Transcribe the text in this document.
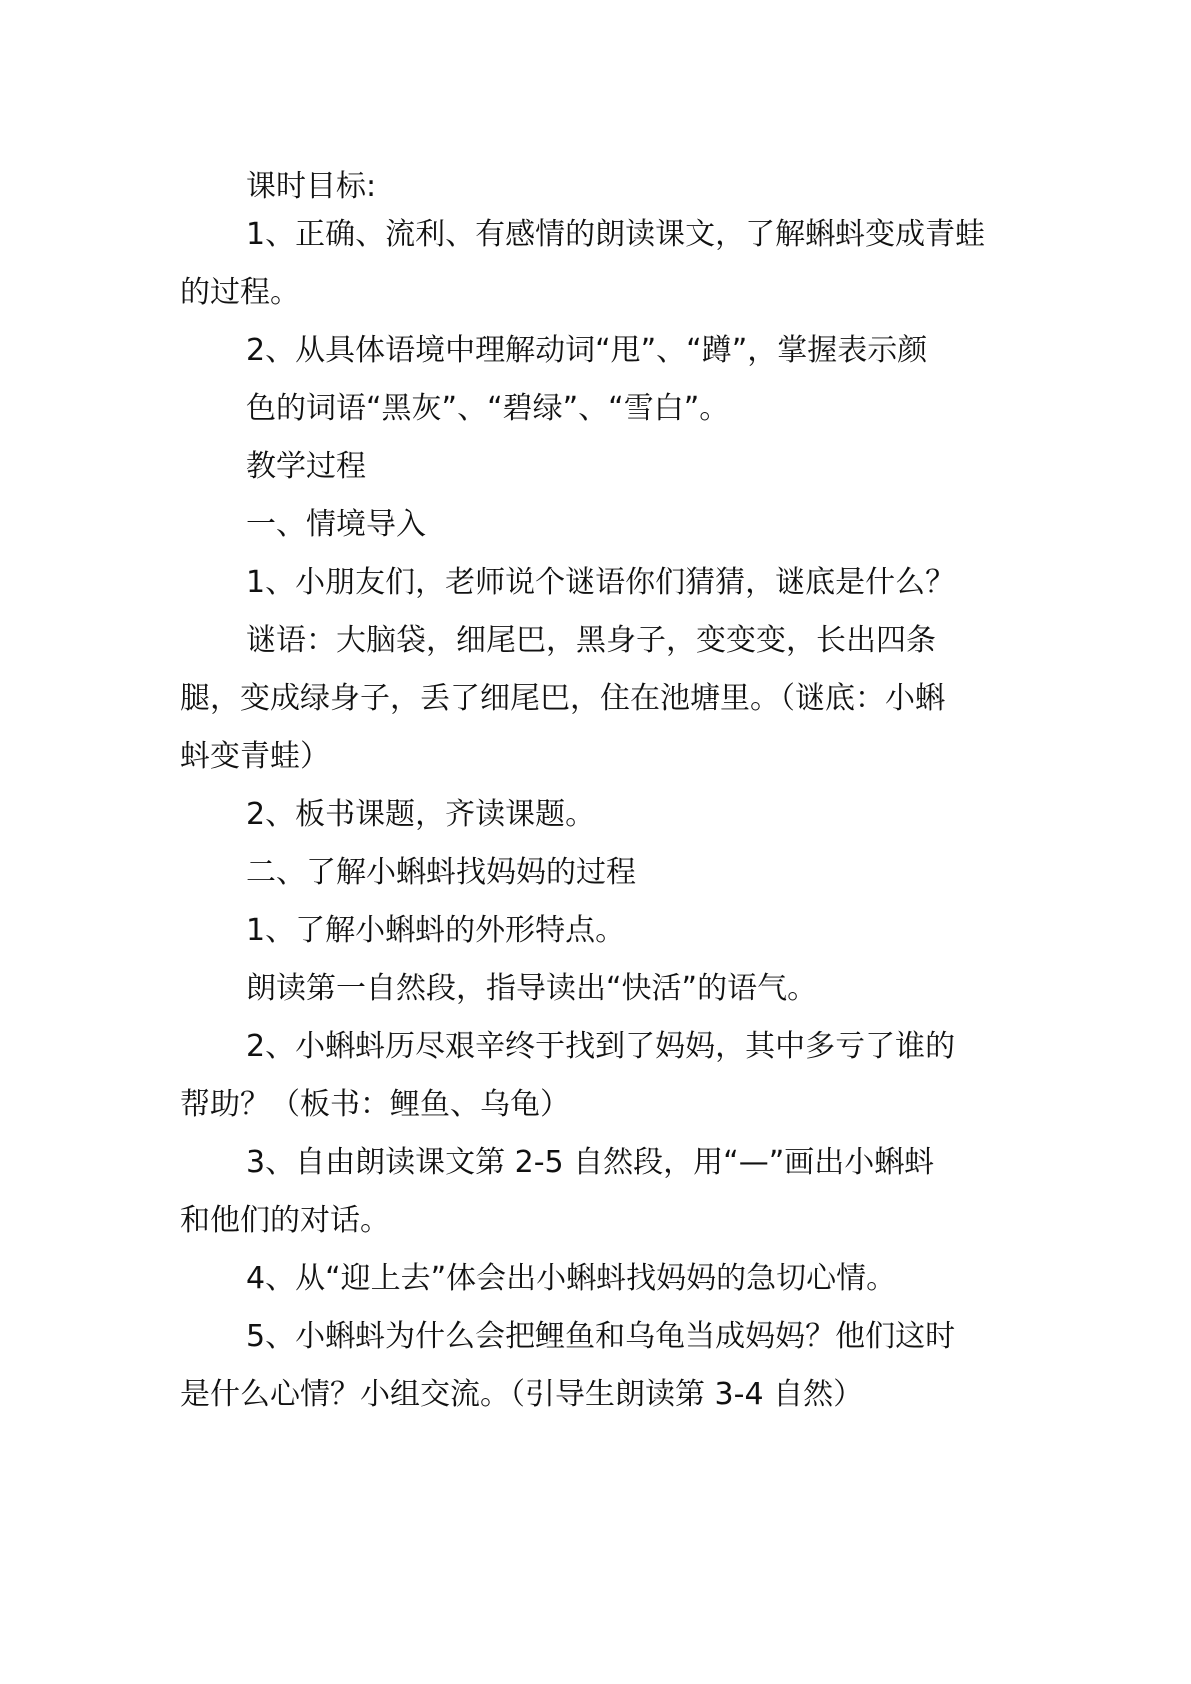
课时目标:

1、正确、流利、有感情的朗读课文，了解蝌蚪变成青蛙

的过程。

2、从具体语境中理解动词“甩”、“蹲”，掌握表示颜

色的词语“黑灰”、“碧绿”、“雪白”。

教学过程

一、情境导入

1、小朋友们，老师说个谜语你们猜猜，谜底是什么？

谜语：大脑袋，细尾巴，黑身子，变变变，长出四条

腿，变成绿身子，丢了细尾巴，住在池塘里。（谜底：小蝌

蚪变青蛙）

2、板书课题，齐读课题。

二、了解小蝌蚪找妈妈的过程

1、了解小蝌蚪的外形特点。

朗读第一自然段，指导读出“快活”的语气。

2、小蝌蚪历尽艰辛终于找到了妈妈，其中多亏了谁的

帮助？（板书：鲤鱼、乌龟）

3、自由朗读课文第 2-5 自然段，用“—”画出小蝌蚪

和他们的对话。

4、从“迎上去”体会出小蝌蚪找妈妈的急切心情。

5、小蝌蚪为什么会把鲤鱼和乌龟当成妈妈？他们这时

是什么心情？小组交流。（引导生朗读第 3-4 自然）
